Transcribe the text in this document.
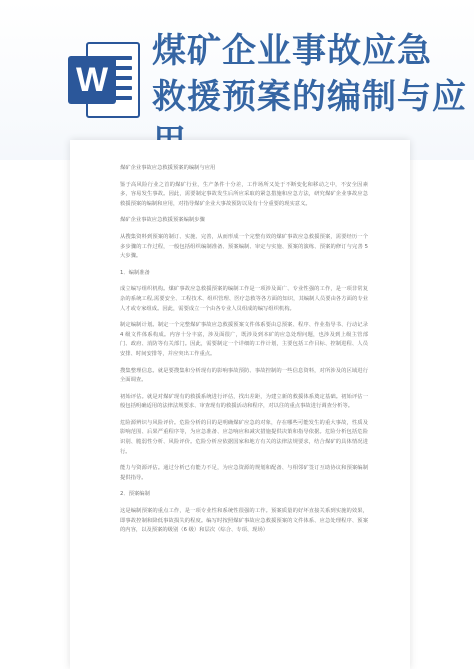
W
煤矿企业事故应急
救援预案的编制与应

煤矿企业事故应急救援预案的编制与应用

鉴于高风险行业之首的煤矿行业，生产条件十分差，工作场所又处于不断变化和移动之中，不安全因素多，容易发生事故。因此，需要制定事故发生后所应采取的紧急措施和应急方法，研究煤矿企业事故应急救援预案的编制和应用，对指导煤矿企业大事故预防以及有十分重要的现实意义。

煤矿企业事故应急救援预案编制步骤

从搜集资料到预案的制订、实施、完善，从而形成一个完整有效的煤矿事故应急救援预案，需要经历一个多步骤的工作过程，一般包括组织编制准备、预案编制、审定与实施、预案的演练、预案的修订与完善 5 大步骤。

1．编制准备

成立编写组织机构。煤矿事故应急救援预案的编制工作是一项涉及面广、专业性强的工作，是一项非常复杂的系统工程,需要安全、工程技术、组织管理、医疗急救等各方面的知识，其编制人员要由各方面的专业人才或专家组成。因此，需要成立一个由各专业人员组成的编写组织机构。

制定编制计划。制定一个完整煤矿事故应急救援预案文件体系要由总预案、程序、作业指导书、行动记录 4 级文件体系构成。内容十分丰富，涉及面很广，既涉及到本矿的应急处理问题，也涉及到上级主管部门、政府、消防等有关部门。因此，需要制定一个详细的工作计划，主要包括工作目标、控制进程、人员安排、时间安排等，并应突出工作重点。

搜集整理信息。就是要搜集和分析现有的影响事故预防、事故控制的一些信息资料，对所涉及的区域进行全面调查。

初始评估。就是对煤矿现有的救援系统进行评估，找出差距，为建立新的救援体系奠定基础。初始评估一般包括明确适用的法律法规要求、审查现有的救援活动和程序，对以往的重点事故进行调查分析等。

危险源辨识与风险评价。危险分析的目的是明确煤矿应急的对象，存在哪些可能发生的重大事故，性质及影响范围、后果严重程序等，为应急准备、应急响应和减灾措施提供决策和指导依据。危险分析包括危险识别、脆弱性分析、风险评价。危险分析应依据国家和地方有关的法律法规要求，结合煤矿的具体情况进行。

能力与资源评估。通过分析已有能力不足，为应急资源的规划和配备、与相邻矿签订互助协议和预案编制提供指导。

2．预案编制

这是编制预案的重点工作，是一项专业性和系统性很强的工作。预案质量的好坏直接关系到实施的效果，即事故控制和降低事故损失的程度。编写时按照煤矿事故应急救援预案的文件体系、应急处理程序、预案的内容，以及预案的级别（6 级）和层次（综合、专项、现场）
